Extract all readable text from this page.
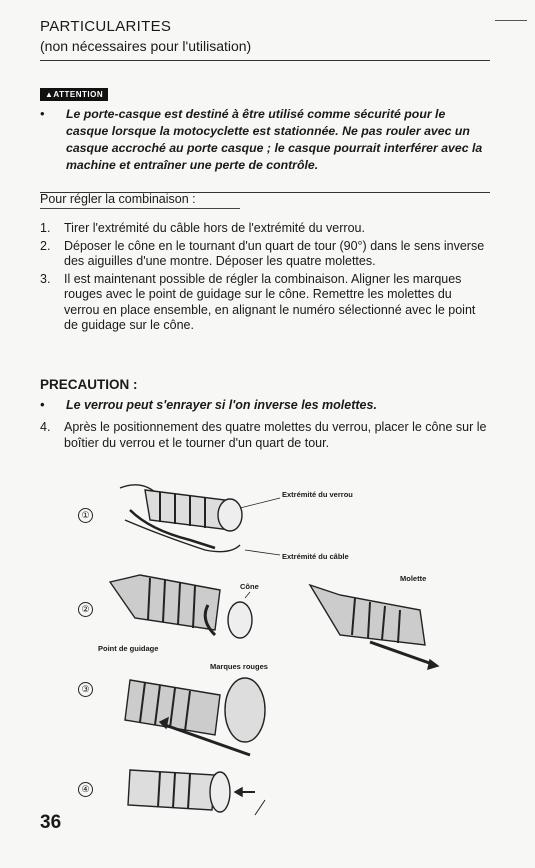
PARTICULARITES
(non nécessaires pour l'utilisation)
▲ATTENTION
• Le porte-casque est destiné à être utilisé comme sécurité pour le casque lorsque la motocyclette est stationnée. Ne pas rouler avec un casque accroché au porte casque ; le casque pourrait interférer avec la machine et entraîner une perte de contrôle.
Pour régler la combinaison :
1. Tirer l'extrémité du câble hors de l'extrémité du verrou.
2. Déposer le cône en le tournant d'un quart de tour (90°) dans le sens inverse des aiguilles d'une montre. Déposer les quatre molettes.
3. Il est maintenant possible de régler la combinaison. Aligner les marques rouges avec le point de guidage sur le cône. Remettre les molettes du verrou en place ensemble, en alignant le numéro sélectionné avec le point de guidage sur le cône.
PRECAUTION :
• Le verrou peut s'enrayer si l'on inverse les molettes.
4. Après le positionnement des quatre molettes du verrou, placer le cône sur le boîtier du verrou et le tourner d'un quart de tour.
①
②
③
④
Extrémité du verrou
Extrémité du câble
Cône
Molette
Point de guidage
Marques rouges
36
